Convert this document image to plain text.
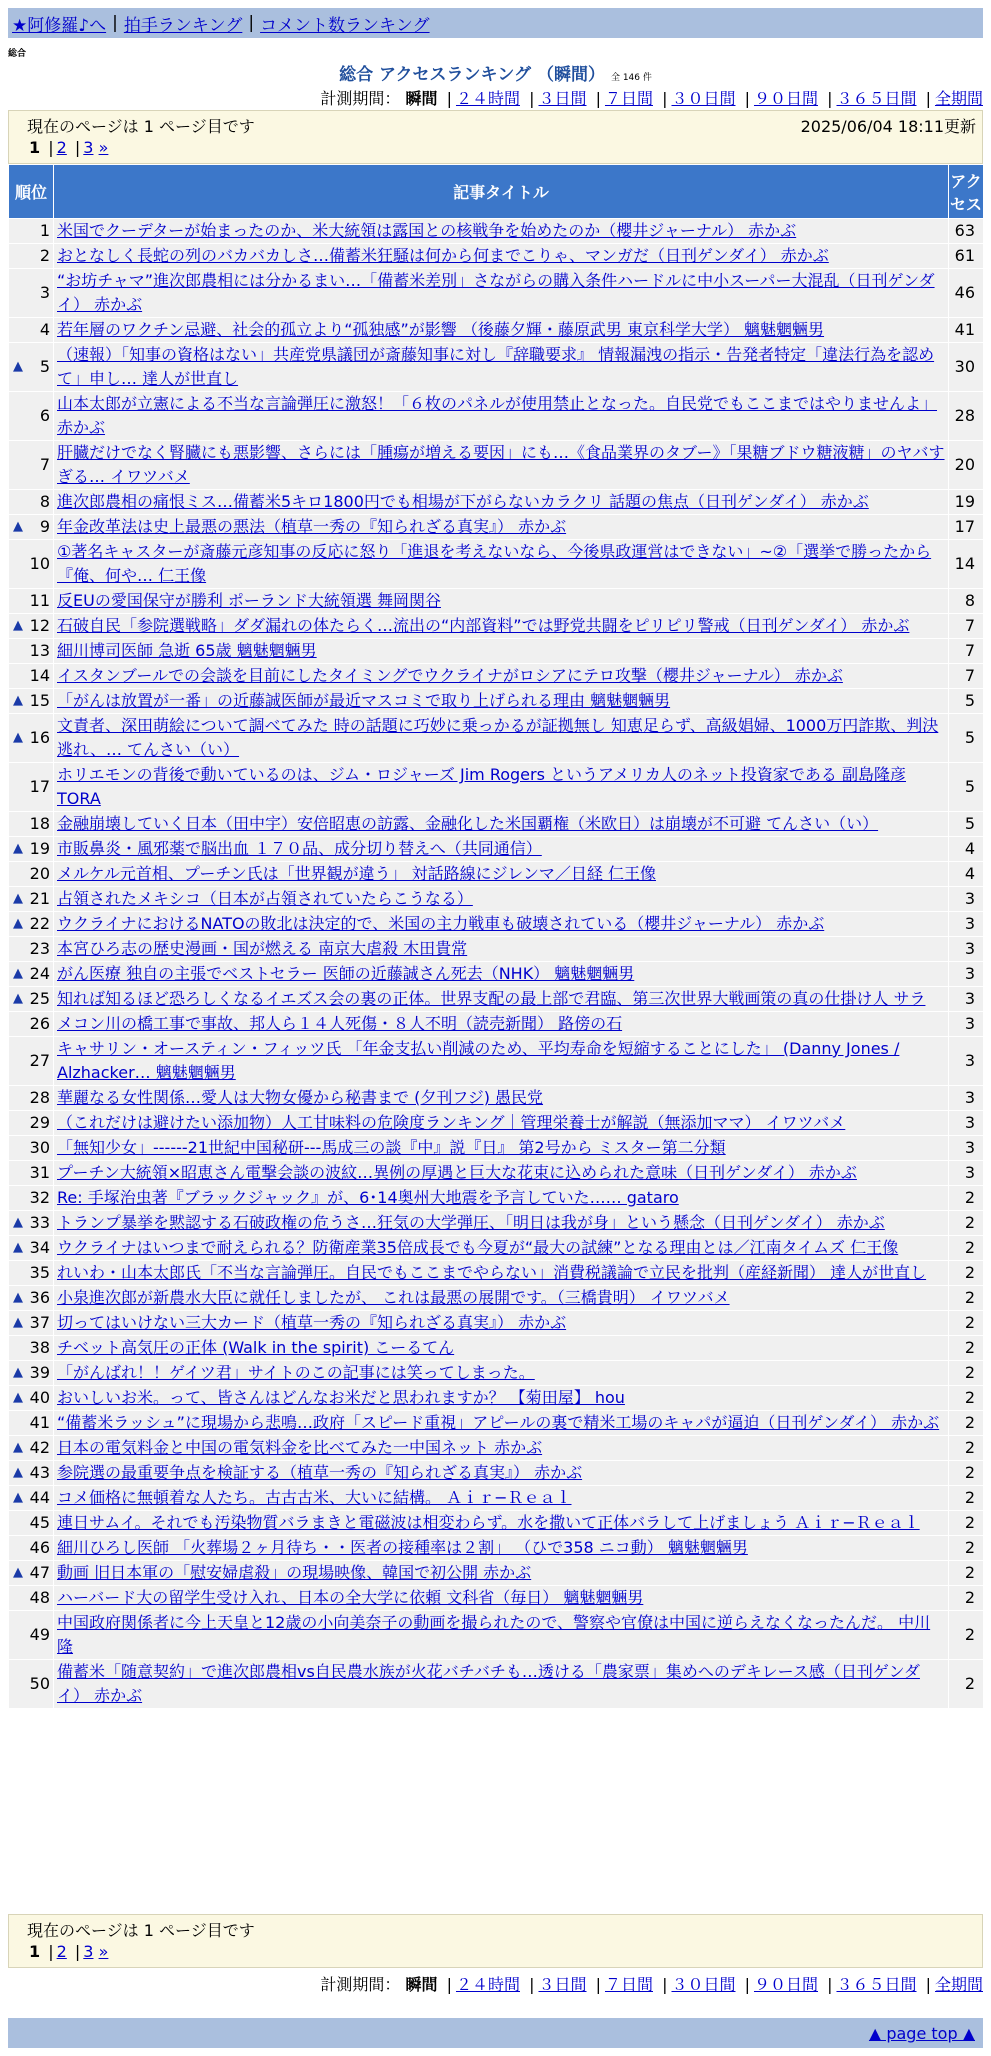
★阿修羅♪へ | 拍手ランキング | コメント数ランキング
総合
総合 アクセスランキング （瞬間） 全 146 件
計測期間： 瞬間 | ２４時間 | ３日間 | ７日間 | ３０日間 | ９０日間 | ３６５日間 | 全期間
現在のページは 1 ページ目です	2025/06/04 18:11更新
1 | 2 | 3 »
順位	記事タイトル	アクセス
1	米国でクーデターが始まったのか、米大統領は露国との核戦争を始めたのか（櫻井ジャーナル） 赤かぶ	63
2	おとなしく長蛇の列のバカバカしさ…備蓄米狂騒は何から何までこりゃ、マンガだ（日刊ゲンダイ） 赤かぶ	61
3	“お坊チャマ”進次郎農相には分かるまい…「備蓄米差別」さながらの購入条件ハードルに中小スーパー大混乱（日刊ゲンダイ） 赤かぶ	46
4	若年層のワクチン忌避、社会的孤立より“孤独感”が影響 （後藤夕輝・藤原武男 東京科学大学） 魑魅魍魎男	41

▲ 5	（速報）「知事の資格はない」共産党県議団が斎藤知事に対し『辞職要求』 情報漏洩の指示・告発者特定「違法行為を認めて」申し… 達人が世直し	30
6	山本太郎が立憲による不当な言論弾圧に激怒！「６枚のパネルが使用禁止となった。自民党でもここまではやりませんよ」 赤かぶ	28
7	肝臓だけでなく腎臓にも悪影響、さらには「腫瘍が増える要因」にも…《食品業界のタブー》「果糖ブドウ糖液糖」のヤバすぎる… イワツバメ	20
8	進次郎農相の痛恨ミス…備蓄米5キロ1800円でも相場が下がらないカラクリ 話題の焦点（日刊ゲンダイ） 赤かぶ	19

▲ 9	年金改革法は史上最悪の悪法（植草一秀の『知られざる真実』） 赤かぶ	17
10	①著名キャスターが斎藤元彦知事の反応に怒り「進退を考えないなら、今後県政運営はできない」~②「選挙で勝ったから『俺、何や… 仁王像	14
11	反EUの愛国保守が勝利 ポーランド大統領選 舞岡関谷	8

▲ 12	石破自民「参院選戦略」ダダ漏れの体たらく…流出の“内部資料”では野党共闘をピリピリ警戒（日刊ゲンダイ） 赤かぶ	7
13	細川博司医師 急逝 65歳 魑魅魍魎男	7
14	イスタンブールでの会談を目前にしたタイミングでウクライナがロシアにテロ攻撃（櫻井ジャーナル） 赤かぶ	7

▲ 15	「がんは放置が一番」の近藤誠医師が最近マスコミで取り上げられる理由 魑魅魍魎男	5

▲ 16	文責者、深田萌絵について調べてみた 時の話題に巧妙に乗っかるが証拠無し 知恵足らず、高級娼婦、1000万円詐欺、判決逃れ、… てんさい（い）	5
17	ホリエモンの背後で動いているのは、ジム・ロジャーズ Jim Rogers というアメリカ人のネット投資家である 副島隆彦 TORA	5
18	金融崩壊していく日本（田中宇）安倍昭恵の訪露、金融化した米国覇権（米欧日）は崩壊が不可避 てんさい（い）	5

▲ 19	市販鼻炎・風邪薬で脳出血 １７０品、成分切り替えへ（共同通信）	4
20	メルケル元首相、プーチン氏は「世界観が違う」 対話路線にジレンマ／日経 仁王像	4

▲ 21	占領されたメキシコ（日本が占領されていたらこうなる）	3

▲ 22	ウクライナにおけるNATOの敗北は決定的で、米国の主力戦車も破壊されている（櫻井ジャーナル） 赤かぶ	3
23	本宮ひろ志の歴史漫画・国が燃える 南京大虐殺 木田貴常	3

▲ 24	がん医療 独自の主張でベストセラー 医師の近藤誠さん死去（NHK） 魑魅魍魎男	3

▲ 25	知れば知るほど恐ろしくなるイエズス会の裏の正体。世界支配の最上部で君臨、第三次世界大戦画策の真の仕掛け人 サラ	3
26	メコン川の橋工事で事故、邦人ら１４人死傷・８人不明（読売新聞） 路傍の石	3
27	キャサリン・オースティン・フィッツ氏 「年金支払い削減のため、平均寿命を短縮することにした」 (Danny Jones / Alzhacker… 魑魅魍魎男	3
28	華麗なる女性関係…愛人は大物女優から秘書まで (夕刊フジ) 愚民党	3
29	（これだけは避けたい添加物）人工甘味料の危険度ランキング｜管理栄養士が解説（無添加ママ） イワツバメ	3
30	「無知少女」------21世紀中国秘研---馬成三の談『中』説『日』 第2号から ミスター第二分類	3
31	プーチン大統領×昭恵さん電撃会談の波紋…異例の厚遇と巨大な花束に込められた意味（日刊ゲンダイ） 赤かぶ	3
32	Re: 手塚治虫著『ブラックジャック』が、6･14奥州大地震を予言していた…… gataro	2

▲ 33	トランプ暴挙を黙認する石破政権の危うさ…狂気の大学弾圧、「明日は我が身」という懸念（日刊ゲンダイ） 赤かぶ	2

▲ 34	ウクライナはいつまで耐えられる？防衛産業35倍成長でも今夏が“最大の試練”となる理由とは／江南タイムズ 仁王像	2
35	れいわ・山本太郎氏「不当な言論弾圧。自民でもここまでやらない」消費税議論で立民を批判（産経新聞） 達人が世直し	2

▲ 36	小泉進次郎が新農水大臣に就任しましたが、 これは最悪の展開です。（三橋貴明） イワツバメ	2

▲ 37	切ってはいけない三大カード（植草一秀の『知られざる真実』） 赤かぶ	2
38	チベット高気圧の正体 (Walk in the spirit) こーるてん	2

▲ 39	「がんばれ！！ゲイツ君」サイトのこの記事には笑ってしまった。	2

▲ 40	おいしいお米。って、皆さんはどんなお米だと思われますか？ 【菊田屋】 hou	2
41	“備蓄米ラッシュ”に現場から悲鳴…政府「スピード重視」アピールの裏で精米工場のキャパが逼迫（日刊ゲンダイ） 赤かぶ	2

▲ 42	日本の電気料金と中国の電気料金を比べてみた一中国ネット 赤かぶ	2

▲ 43	参院選の最重要争点を検証する（植草一秀の『知られざる真実』） 赤かぶ	2

▲ 44	コメ価格に無頓着な人たち。古古古米、大いに結構。 Ａｉｒ−Ｒｅａｌ	2
45	連日サムイ。それでも汚染物質バラまきと電磁波は相変わらず。水を撒いて正体バラして上げましょう Ａｉｒ−Ｒｅａｌ	2
46	細川ひろし医師 「火葬場２ヶ月待ち・・医者の接種率は２割」 （ひで358 ニコ動） 魑魅魍魎男	2

▲ 47	動画 旧日本軍の「慰安婦虐殺」の現場映像、韓国で初公開 赤かぶ	2
48	ハーバード大の留学生受け入れ、日本の全大学に依頼 文科省（毎日） 魑魅魍魎男	2
49	中国政府関係者に今上天皇と12歳の小向美奈子の動画を撮られたので、警察や官僚は中国に逆らえなくなったんだ。 中川隆	2
50	備蓄米「随意契約」で進次郎農相vs自民農水族が火花バチバチも…透ける「農家票」集めへのデキレース感（日刊ゲンダイ） 赤かぶ	2
現在のページは 1 ページ目です
1 | 2 | 3 »
計測期間： 瞬間 | ２４時間 | ３日間 | ７日間 | ３０日間 | ９０日間 | ３６５日間 | 全期間
▲ page top ▲
